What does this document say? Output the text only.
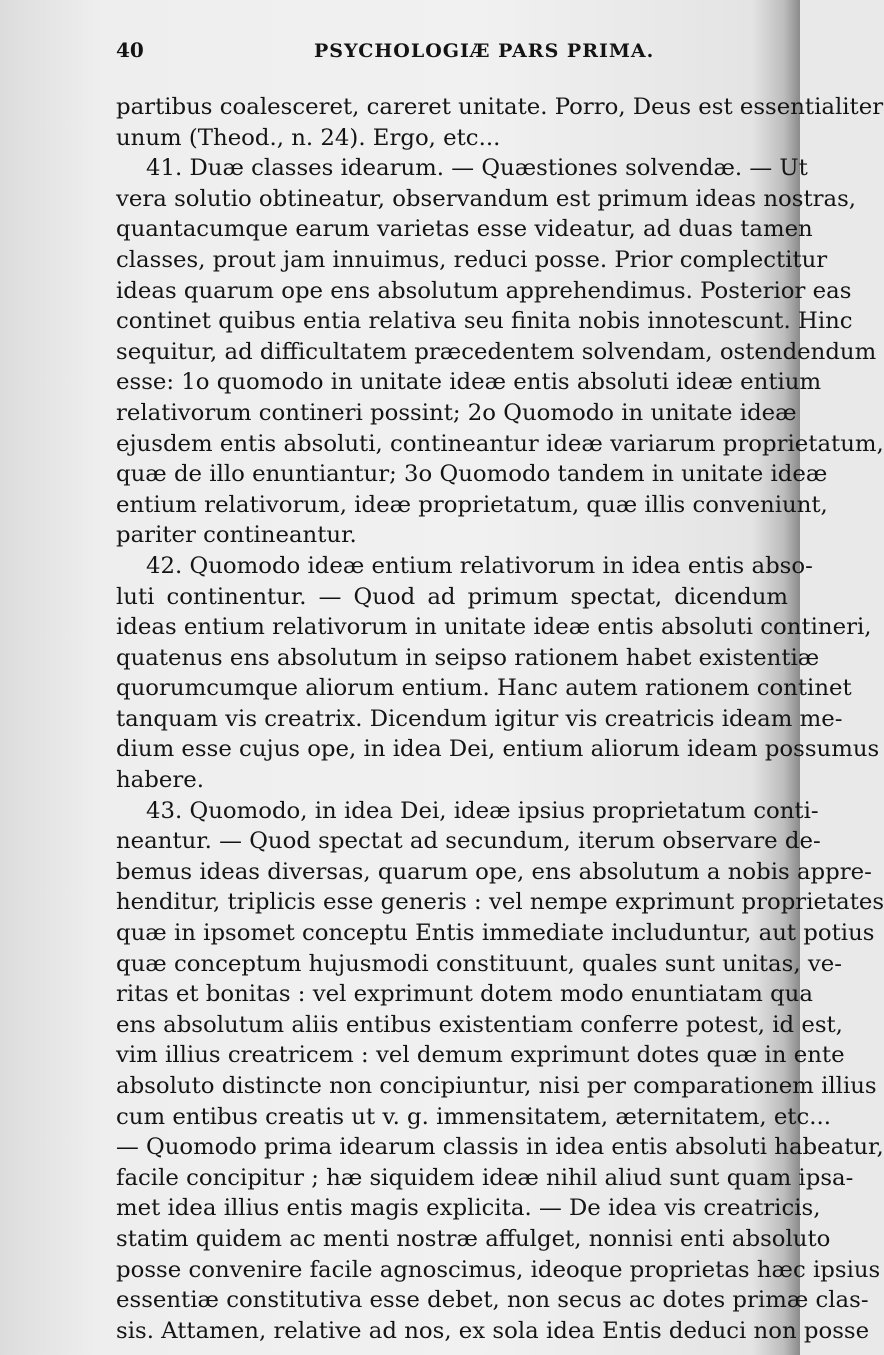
40	PSYCHOLOGIÆ PARS PRIMA.
partibus coalesceret, careret unitate. Porro, Deus est essentialiter
unum (Theod., n. 24). Ergo, etc...
41. Duæ classes idearum. — Quæstiones solvendæ. — Ut
vera solutio obtineatur, observandum est primum ideas nostras,
quantacumque earum varietas esse videatur, ad duas tamen
classes, prout jam innuimus, reduci posse. Prior complectitur
ideas quarum ope ens absolutum apprehendimus. Posterior eas
continet quibus entia relativa seu finita nobis innotescunt. Hinc
sequitur, ad difficultatem præcedentem solvendam, ostendendum
esse: 1o quomodo in unitate ideæ entis absoluti ideæ entium
relativorum contineri possint; 2o Quomodo in unitate ideæ
ejusdem entis absoluti, contineantur ideæ variarum proprietatum,
quæ de illo enuntiantur; 3o Quomodo tandem in unitate ideæ
entium relativorum, ideæ proprietatum, quæ illis conveniunt,
pariter contineantur.
42. Quomodo ideæ entium relativorum in idea entis abso-
luti continentur. — Quod ad primum spectat, dicendum
ideas entium relativorum in unitate ideæ entis absoluti contineri,
quatenus ens absolutum in seipso rationem habet existentiæ
quorumcumque aliorum entium. Hanc autem rationem continet
tanquam vis creatrix. Dicendum igitur vis creatricis ideam me-
dium esse cujus ope, in idea Dei, entium aliorum ideam possumus
habere.
43. Quomodo, in idea Dei, ideæ ipsius proprietatum conti-
neantur. — Quod spectat ad secundum, iterum observare de-
bemus ideas diversas, quarum ope, ens absolutum a nobis appre-
henditur, triplicis esse generis : vel nempe exprimunt proprietates
quæ in ipsomet conceptu Entis immediate includuntur, aut potius
quæ conceptum hujusmodi constituunt, quales sunt unitas, ve-
ritas et bonitas : vel exprimunt dotem modo enuntiatam qua
ens absolutum aliis entibus existentiam conferre potest, id est,
vim illius creatricem : vel demum exprimunt dotes quæ in ente
absoluto distincte non concipiuntur, nisi per comparationem illius
cum entibus creatis ut v. g. immensitatem, æternitatem, etc...
— Quomodo prima idearum classis in idea entis absoluti habeatur,
facile concipitur ; hæ siquidem ideæ nihil aliud sunt quam ipsa-
met idea illius entis magis explicita. — De idea vis creatricis,
statim quidem ac menti nostræ affulget, nonnisi enti absoluto
posse convenire facile agnoscimus, ideoque proprietas hæc ipsius
essentiæ constitutiva esse debet, non secus ac dotes primæ clas-
sis. Attamen, relative ad nos, ex sola idea Entis deduci non posse
